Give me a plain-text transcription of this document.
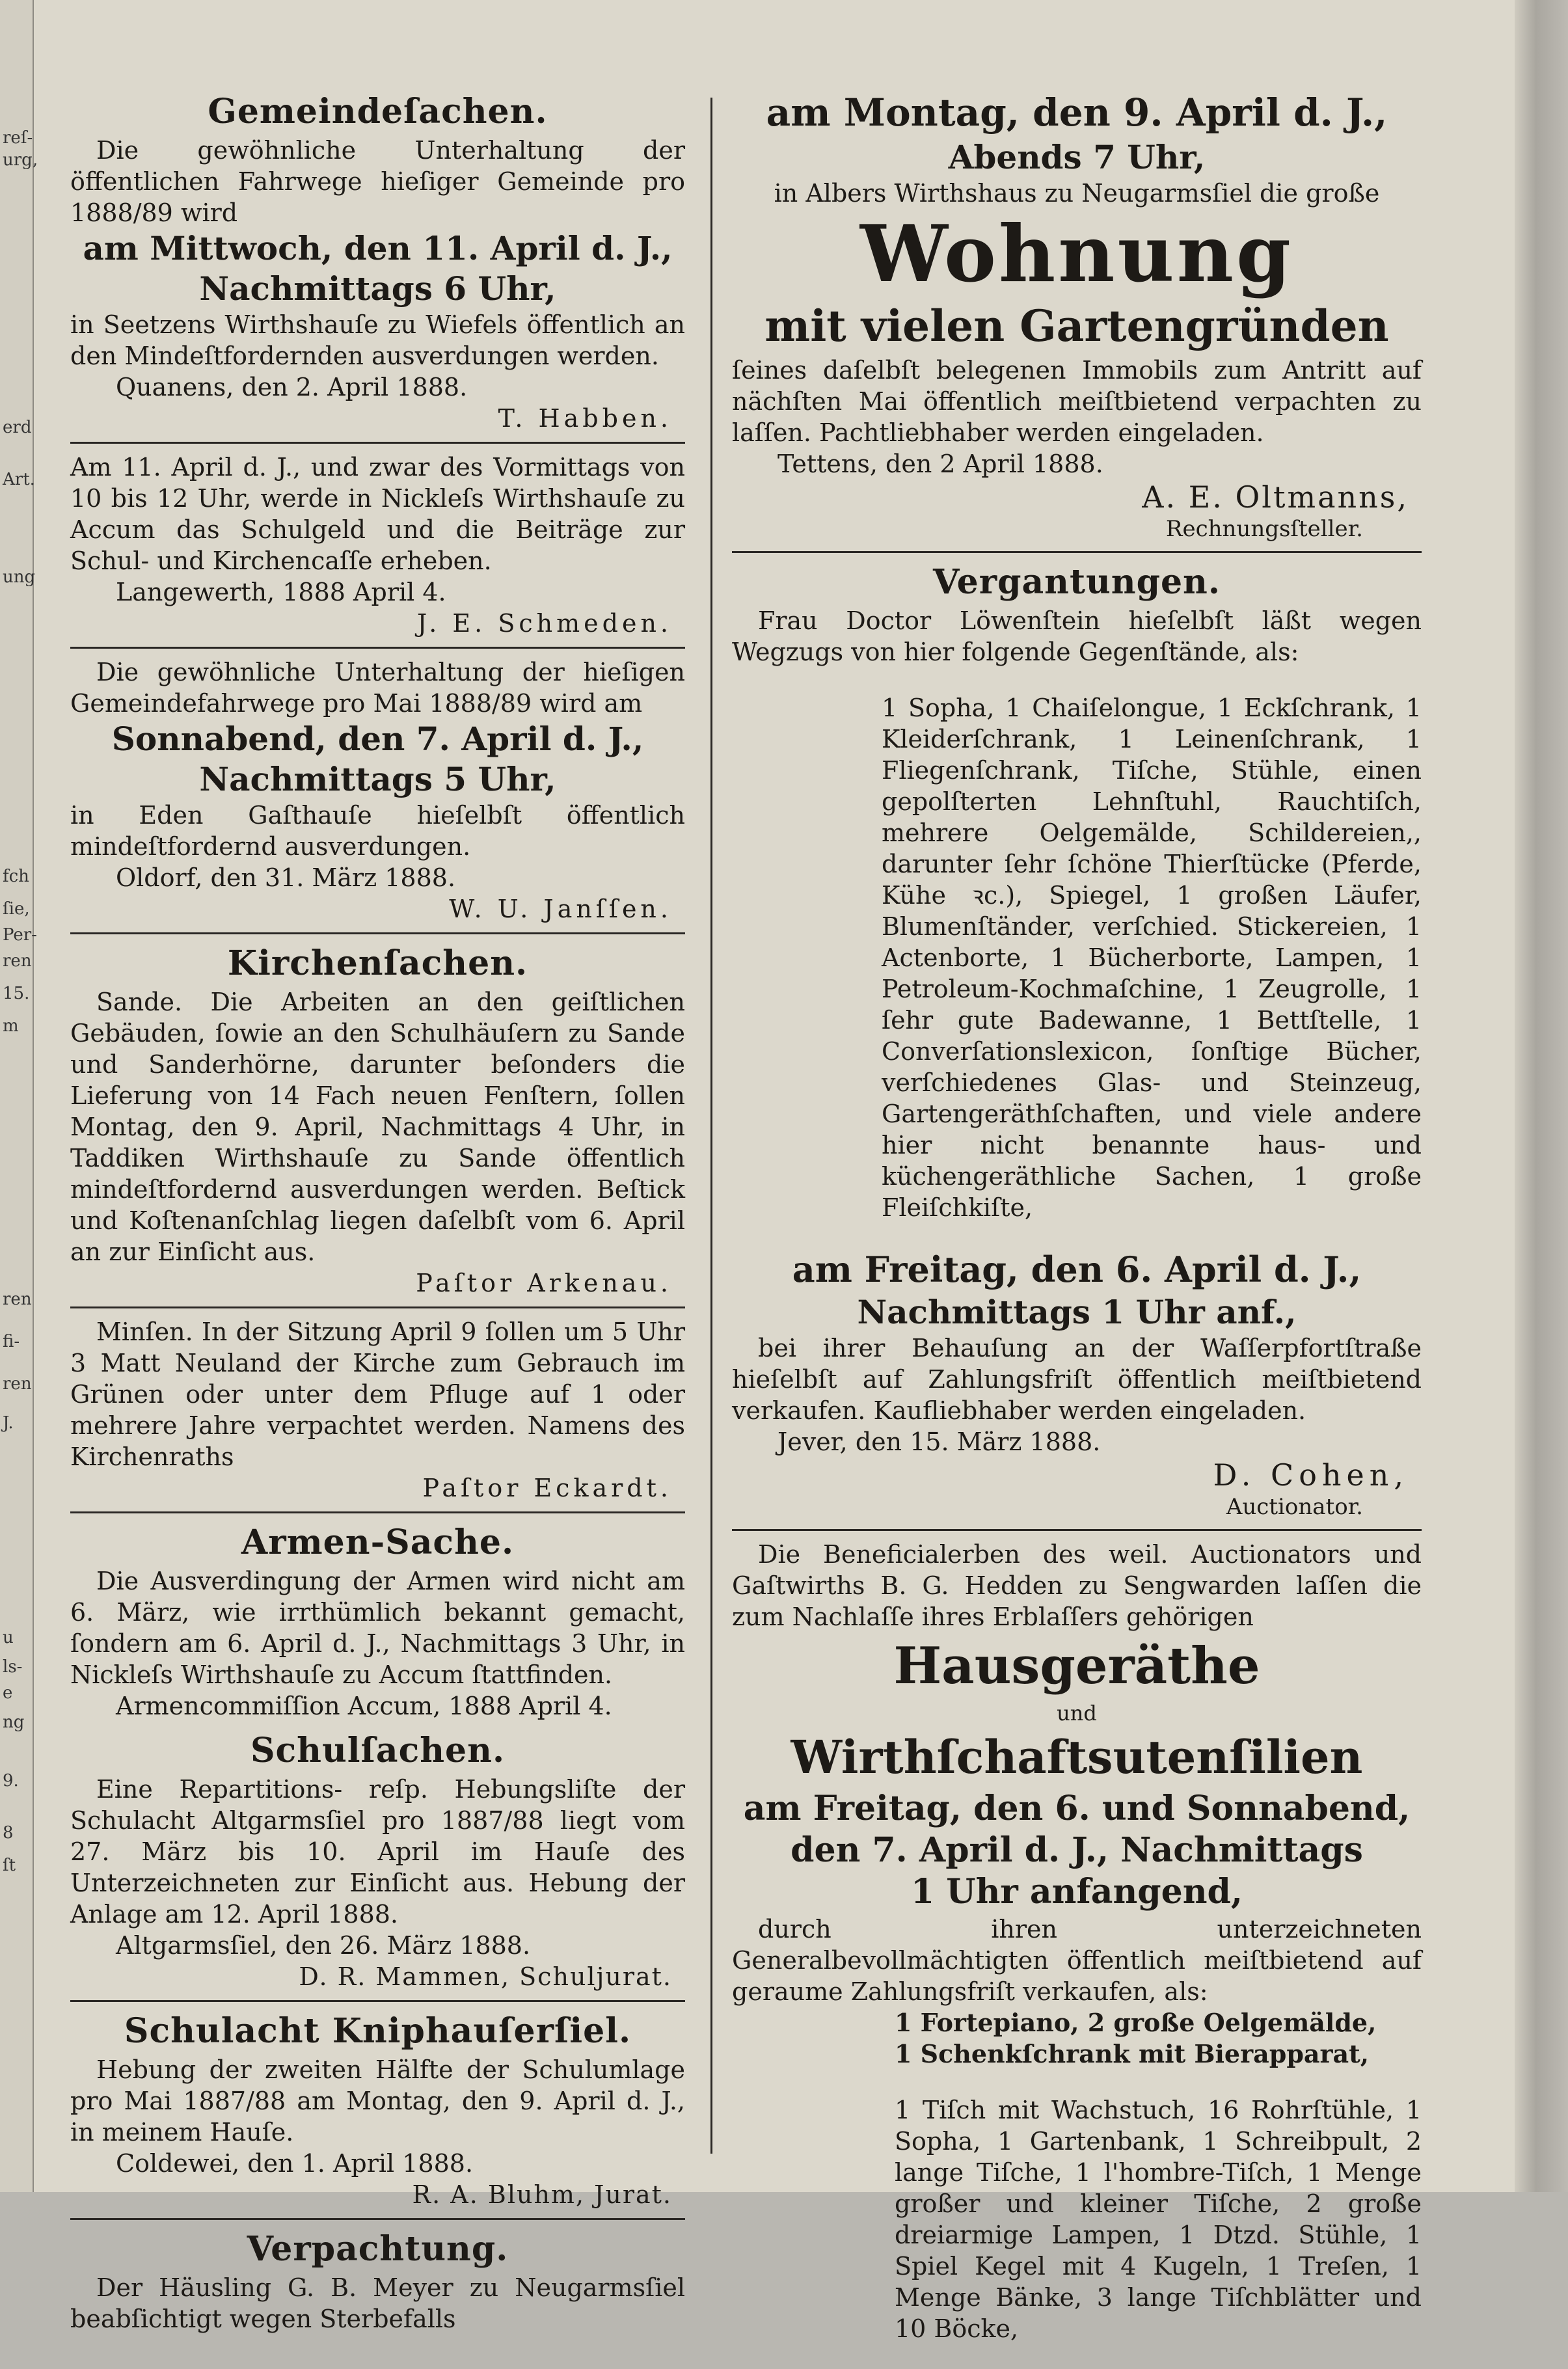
reſ-
urg,
erd
Art.
ung
fch
ſie,
Per-
ren
15.
m
ren
fi-
ren
J.
u
ls-
e
ng
9.
8
ſt
Gemeindeſachen.

Die gewöhnliche Unterhaltung der öffentlichen Fahrwege hieſiger Gemeinde pro 1888/89 wird

am Mittwoch, den 11. April d. J.,
Nachmittags 6 Uhr,

in Seetzens Wirthshauſe zu Wiefels öffentlich an den Mindeſtfordernden ausverdungen werden.

Quanens, den 2. April 1888.
T. Habben.

Am 11. April d. J., und zwar des Vormittags von 10 bis 12 Uhr, werde in Nickleſs Wirthshauſe zu Accum das Schulgeld und die Beiträge zur Schul- und Kirchencaſſe erheben.

Langewerth, 1888 April 4.
J. E. Schmeden.

Die gewöhnliche Unterhaltung der hieſigen Gemeindefahrwege pro Mai 1888/89 wird am

Sonnabend, den 7. April d. J.,
Nachmittags 5 Uhr,

in Eden Gaſthauſe hieſelbſt öffentlich mindeſtfordernd ausverdungen.

Oldorf, den 31. März 1888.
W. U. Janſſen.
Kirchenſachen.

Sande. Die Arbeiten an den geiſtlichen Gebäuden, ſowie an den Schulhäuſern zu Sande und Sanderhörne, darunter beſonders die Lieferung von 14 Fach neuen Fenſtern, ſollen Montag, den 9. April, Nachmittags 4 Uhr, in Taddiken Wirthshauſe zu Sande öffentlich mindeſtfordernd ausverdungen werden. Beſtick und Koſtenanſchlag liegen daſelbſt vom 6. April an zur Einſicht aus.

Paſtor Arkenau.

Minſen. In der Sitzung April 9 ſollen um 5 Uhr 3 Matt Neuland der Kirche zum Gebrauch im Grünen oder unter dem Pfluge auf 1 oder mehrere Jahre verpachtet werden. Namens des Kirchenraths

Paſtor Eckardt.
Armen-Sache.

Die Ausverdingung der Armen wird nicht am 6. März, wie irrthümlich bekannt gemacht, ſondern am 6. April d. J., Nachmittags 3 Uhr, in Nickleſs Wirthshauſe zu Accum ſtattfinden.

Armencommiſſion Accum, 1888 April 4.
Schulſachen.

Eine Repartitions- reſp. Hebungsliſte der Schulacht Altgarmsſiel pro 1887/88 liegt vom 27. März bis 10. April im Hauſe des Unterzeichneten zur Einſicht aus. Hebung der Anlage am 12. April 1888.

Altgarmsſiel, den 26. März 1888.
D. R. Mammen, Schuljurat.
Schulacht Kniphauſerſiel.

Hebung der zweiten Hälfte der Schulumlage pro Mai 1887/88 am Montag, den 9. April d. J., in meinem Hauſe.

Coldewei, den 1. April 1888.
R. A. Bluhm, Jurat.
Verpachtung.

Der Häusling G. B. Meyer zu Neugarmsſiel beabſichtigt wegen Sterbefalls

am Montag, den 9. April d. J.,
Abends 7 Uhr,
in Albers Wirthshaus zu Neugarmsſiel die große
Wohnung
mit vielen Gartengründen

ſeines daſelbſt belegenen Immobils zum Antritt auf nächſten Mai öffentlich meiſtbietend verpachten zu laſſen. Pachtliebhaber werden eingeladen.

Tettens, den 2 April 1888.
A. E. Oltmanns,
Rechnungsſteller.
Vergantungen.

Frau Doctor Löwenſtein hieſelbſt läßt wegen Wegzugs von hier folgende Gegenſtände, als:

1 Sopha, 1 Chaiſelongue, 1 Eckſchrank, 1 Kleiderſchrank, 1 Leinenſchrank, 1 Fliegenſchrank, Tiſche, Stühle, einen gepolſterten Lehnſtuhl, Rauchtiſch, mehrere Oelgemälde, Schildereien,, darunter ſehr ſchöne Thierſtücke (Pferde, Kühe ꝛc.), Spiegel, 1 großen Läufer, Blumenſtänder, verſchied. Stickereien, 1 Actenborte, 1 Bücherborte, Lampen, 1 Petroleum-Kochmaſchine, 1 Zeugrolle, 1 ſehr gute Badewanne, 1 Bettſtelle, 1 Converſationslexicon, ſonſtige Bücher, verſchiedenes Glas- und Steinzeug, Gartengeräthſchaften, und viele andere hier nicht benannte haus- und küchengeräthliche Sachen, 1 große Fleiſchkiſte,

am Freitag, den 6. April d. J.,
Nachmittags 1 Uhr anf.,

bei ihrer Behauſung an der Waſſerpfortſtraße hieſelbſt auf Zahlungsfriſt öffentlich meiſtbietend verkaufen. Kaufliebhaber werden eingeladen.

Jever, den 15. März 1888.
D. Cohen,
Auctionator.

Die Beneficialerben des weil. Auctionators und Gaſtwirths B. G. Hedden zu Sengwarden laſſen die zum Nachlaſſe ihres Erblaſſers gehörigen

Hausgeräthe
und
Wirthſchaftsutenſilien
am Freitag, den 6. und Sonnabend,
den 7. April d. J., Nachmittags
1 Uhr anfangend,

durch ihren unterzeichneten Generalbevollmächtigten öffentlich meiſtbietend auf geraume Zahlungsfriſt verkaufen, als:

1 Fortepiano, 2 große Oelgemälde,
1 Schenkſchrank mit Bierapparat,

1 Tiſch mit Wachstuch, 16 Rohrſtühle, 1 Sopha, 1 Gartenbank, 1 Schreibpult, 2 lange Tiſche, 1 l'hombre-Tiſch, 1 Menge großer und kleiner Tiſche, 2 große dreiarmige Lampen, 1 Dtzd. Stühle, 1 Spiel Kegel mit 4 Kugeln, 1 Treſen, 1 Menge Bänke, 3 lange Tiſchblätter und 10 Böcke,
